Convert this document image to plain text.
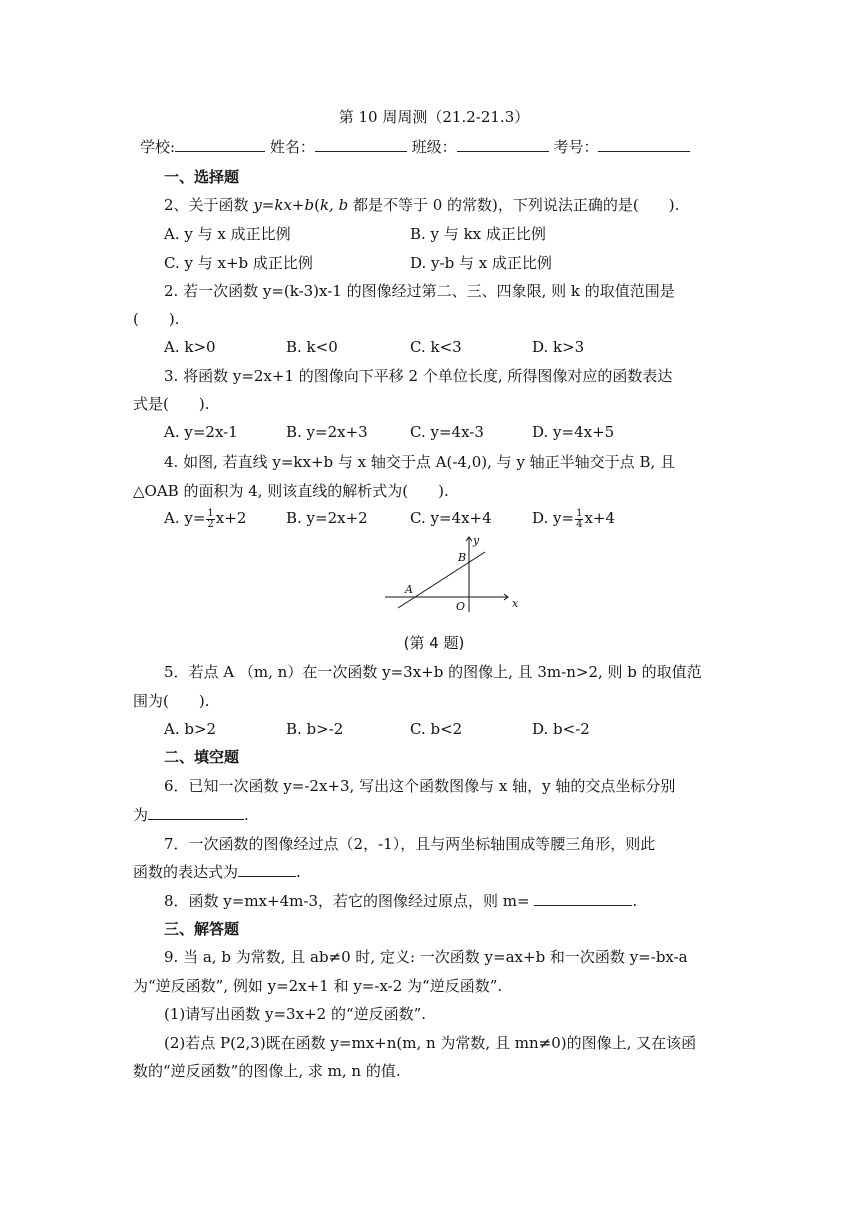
第 10 周周测（21.2-21.3）
学校:	姓名：	班级：	考号：
一、选择题
2、关于函数 y=kx+b(k, b 都是不等于 0 的常数)，下列说法正确的是(　　).
A. y 与 x 成正比例	B. y 与 kx 成正比例
C. y 与 x+b 成正比例	D. y-b 与 x 成正比例
2. 若一次函数 y=(k-3)x-1 的图像经过第二、三、四象限, 则 k 的取值范围是
(　　).
A. k>0	B. k<0	C. k<3	D. k>3
3. 将函数 y=2x+1 的图像向下平移 2 个单位长度, 所得图像对应的函数表达
式是(　　).
A. y=2x-1	B. y=2x+3	C. y=4x-3	D. y=4x+5
4. 如图, 若直线 y=kx+b 与 x 轴交于点 A(-4,0), 与 y 轴正半轴交于点 B, 且
△OAB 的面积为 4, 则该直线的解析式为(　　).
A. $y= \frac{1}{2} x+2$	B. y=2x+2	C. y=4x+4	D. $y= \frac{1}{4} x+4$
y
x
B
A
O
(第 4 题)
5．若点 A （m, n）在一次函数 y=3x+b 的图像上, 且 3m-n>2, 则 b 的取值范
围为(　　).
A. b>2	B. b>-2	C. b<2	D. b<-2
二、填空题
6．已知一次函数 y=-2x+3, 写出这个函数图像与 x 轴，y 轴的交点坐标分别
为	.
7．一次函数的图像经过点（2，-1），且与两坐标轴围成等腰三角形，则此
函数的表达式为	.
8．函数 y=mx+4m-3，若它的图像经过原点，则 m=	.
三、解答题
9. 当 a, b 为常数, 且 ab≠0 时, 定义: 一次函数 y=ax+b 和一次函数 y=-bx-a
为“逆反函数”, 例如 y=2x+1 和 y=-x-2 为“逆反函数”.
(1)请写出函数 y=3x+2 的“逆反函数”.
(2)若点 P(2,3)既在函数 y=mx+n(m, n 为常数, 且 mn≠0)的图像上, 又在该函
数的“逆反函数”的图像上, 求 m, n 的值.
